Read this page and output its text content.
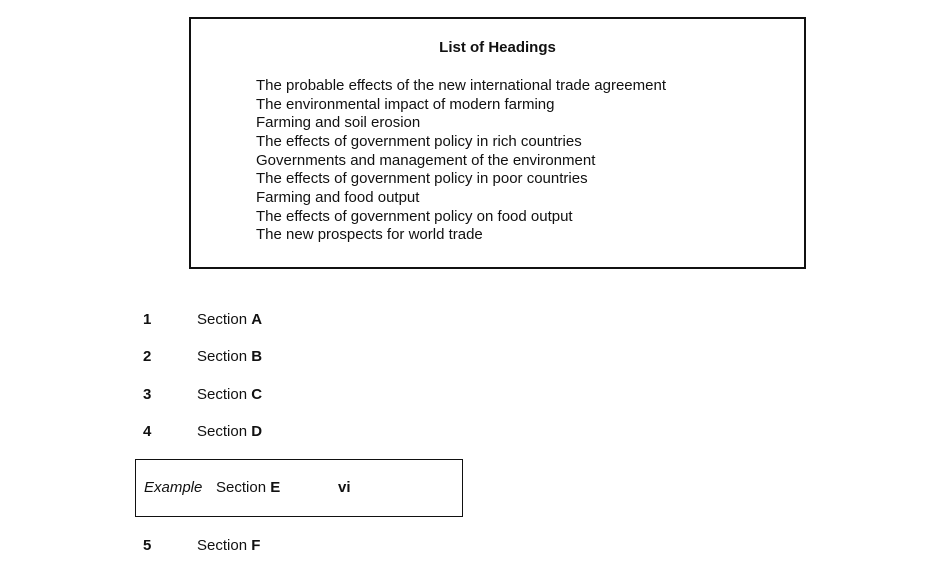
List of Headings
The probable effects of the new international trade agreement
The environmental impact of modern farming
Farming and soil erosion
The effects of government policy in rich countries
Governments and management of the environment
The effects of government policy in poor countries
Farming and food output
The effects of government policy on food output
The new prospects for world trade
1	Section A
2	Section B
3	Section C
4	Section D
Example Section E	vi
5	Section F
